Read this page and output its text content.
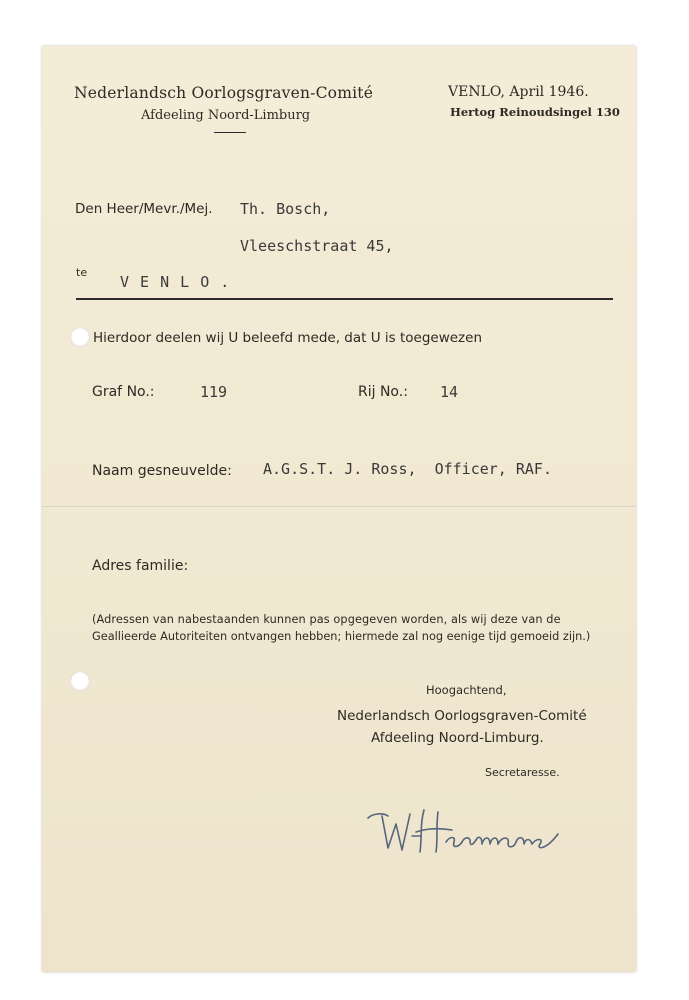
Nederlandsch Oorlogsgraven-Comité
Afdeeling Noord-Limburg
VENLO, April 1946.
Hertog Reinoudsingel 130
Den Heer/Mevr./Mej. Th. Bosch,
Vleeschstraat 45,
te
V E N L O .
Hierdoor deelen wij U beleefd mede, dat U is toegewezen
Graf No.:	119	Rij No.: 14
Naam gesneuvelde: A.G.S.T. J. Ross,  Officer, RAF.
Adres familie:
(Adressen van nabestaanden kunnen pas opgegeven worden, als wij deze van de
Geallieerde Autoriteiten ontvangen hebben; hiermede zal nog eenige tijd gemoeid zijn.)
Hoogachtend,
Nederlandsch Oorlogsgraven-Comité
Afdeeling Noord-Limburg.
Secretaresse.
